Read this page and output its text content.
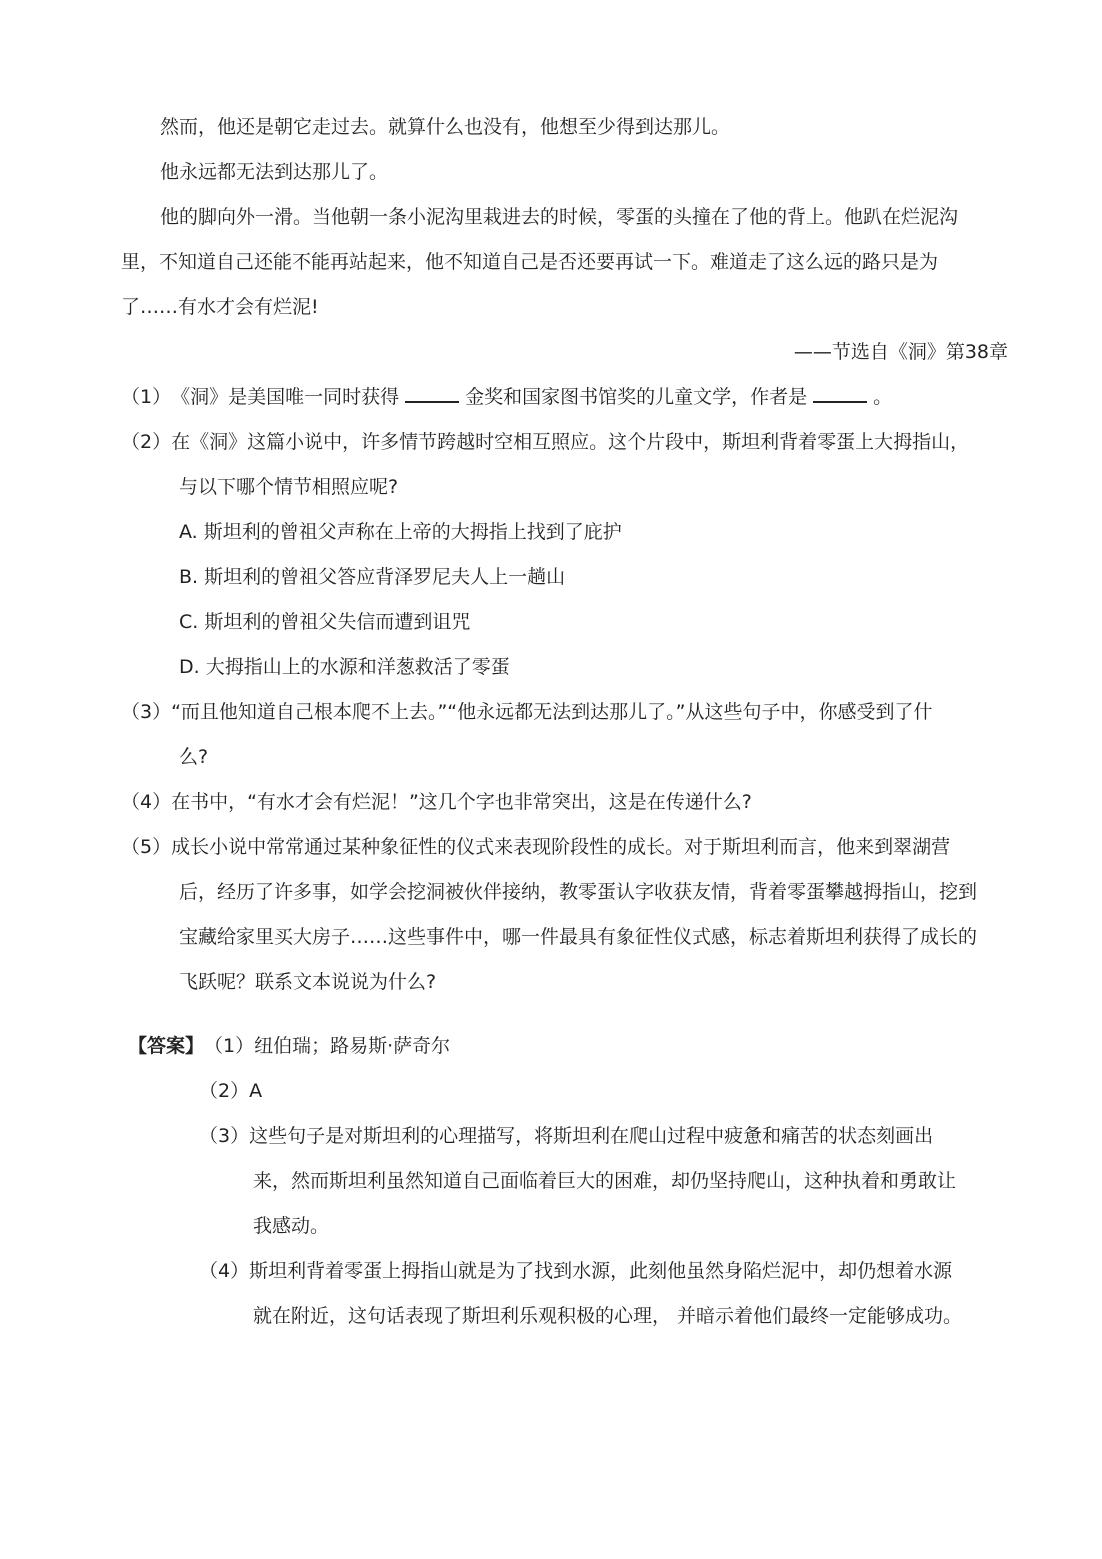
然而，他还是朝它走过去。就算什么也没有，他想至少得到达那儿。
他永远都无法到达那儿了。
他的脚向外一滑。当他朝一条小泥沟里栽进去的时候，零蛋的头撞在了他的背上。他趴在烂泥沟
里，不知道自己还能不能再站起来，他不知道自己是否还要再试一下。难道走了这么远的路只是为
了……有水才会有烂泥!
——节选自《洞》第38章
（1）《洞》是美国唯一同时获得	金奖和国家图书馆奖的儿童文学，作者是	。
（2）在《洞》这篇小说中，许多情节跨越时空相互照应。这个片段中，斯坦利背着零蛋上大拇指山，
与以下哪个情节相照应呢?
A. 斯坦利的曾祖父声称在上帝的大拇指上找到了庇护
B. 斯坦利的曾祖父答应背泽罗尼夫人上一趟山
C. 斯坦利的曾祖父失信而遭到诅咒
D. 大拇指山上的水源和洋葱救活了零蛋
（3）“而且他知道自己根本爬不上去。”“他永远都无法到达那儿了。”从这些句子中，你感受到了什
么?
（4）在书中，“有水才会有烂泥！”这几个字也非常突出，这是在传递什么?
（5）成长小说中常常通过某种象征性的仪式来表现阶段性的成长。对于斯坦利而言，他来到翠湖营
后，经历了许多事，如学会挖洞被伙伴接纳，教零蛋认字收获友情，背着零蛋攀越拇指山，挖到
宝藏给家里买大房子……这些事件中，哪一件最具有象征性仪式感，标志着斯坦利获得了成长的
飞跃呢？联系文本说说为什么?
【答案】（1）纽伯瑞；路易斯·萨奇尔
（2）A
（3）这些句子是对斯坦利的心理描写，将斯坦利在爬山过程中疲惫和痛苦的状态刻画出
来，然而斯坦利虽然知道自己面临着巨大的困难，却仍坚持爬山，这种执着和勇敢让
我感动。
（4）斯坦利背着零蛋上拇指山就是为了找到水源，此刻他虽然身陷烂泥中，却仍想着水源
就在附近，这句话表现了斯坦利乐观积极的心理， 并暗示着他们最终一定能够成功。
